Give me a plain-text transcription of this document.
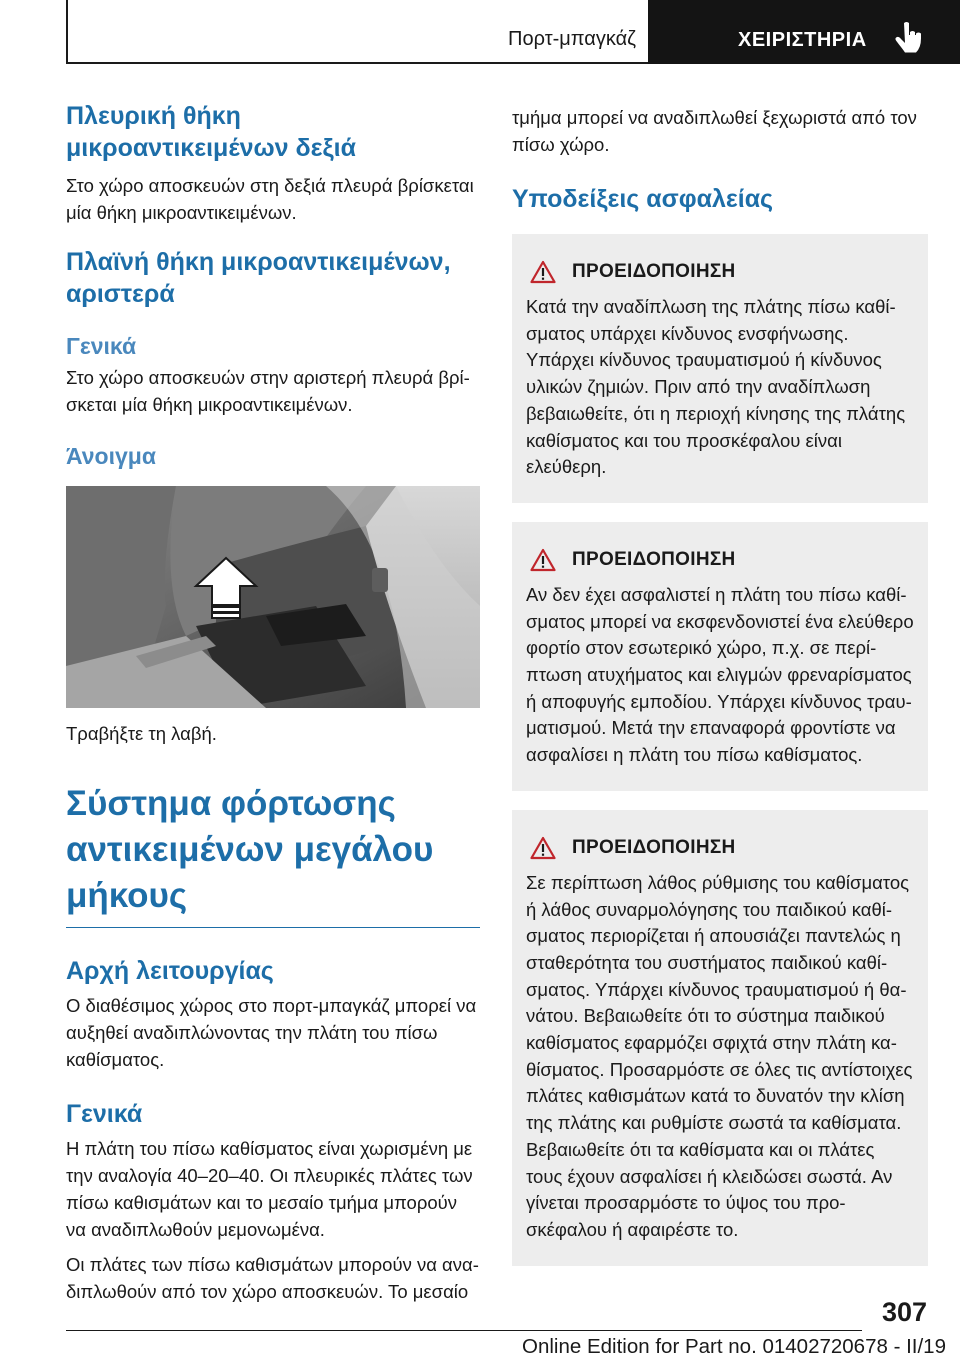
Πορτ-μπαγκάζ	ΧΕΙΡΙΣΤΗΡΙΑ
Πλευρική θήκη μικροαντικειμένων δεξιά

Στο χώρο αποσκευών στη δεξιά πλευρά βρίσκεται μία θήκη μικροαντικειμένων.

Πλαϊνή θήκη μικροαντικειμένων, αριστερά
Γενικά

Στο χώρο αποσκευών στην αριστερή πλευρά βρίσκεται μία θήκη μικροαντικειμένων.

Άνοιγμα

Τραβήξτε τη λαβή.

Σύστημα φόρτωσης αντικειμένων μεγάλου μήκους
Αρχή λειτουργίας

Ο διαθέσιμος χώρος στο πορτ-μπαγκάζ μπορεί να αυξηθεί αναδιπλώνοντας την πλάτη του πίσω καθίσματος.

Γενικά

Η πλάτη του πίσω καθίσματος είναι χωρισμένη με την αναλογία 40–20–40. Οι πλευρικές πλάτες των πίσω καθισμάτων και το μεσαίο τμήμα μπορούν να αναδιπλωθούν μεμονωμένα.

Οι πλάτες των πίσω καθισμάτων μπορούν να αναδιπλωθούν από τον χώρο αποσκευών. Το μεσαίο

τμήμα μπορεί να αναδιπλωθεί ξεχωριστά από τον πίσω χώρο.

Υποδείξεις ασφαλείας
ΠΡΟΕΙΔΟΠΟΙΗΣΗ

Κατά την αναδίπλωση της πλάτης πίσω καθίσματος υπάρχει κίνδυνος ενσφήνωσης. Υπάρχει κίνδυνος τραυματισμού ή κίνδυνος υλικών ζημιών. Πριν από την αναδίπλωση βεβαιωθείτε, ότι η περιοχή κίνησης της πλάτης καθίσματος και του προσκέφαλου είναι ελεύθερη.

ΠΡΟΕΙΔΟΠΟΙΗΣΗ

Αν δεν έχει ασφαλιστεί η πλάτη του πίσω καθίσματος μπορεί να εκσφενδονιστεί ένα ελεύθερο φορτίο στον εσωτερικό χώρο, π.χ. σε περίπτωση ατυχήματος και ελιγμών φρεναρίσματος ή αποφυγής εμποδίου. Υπάρχει κίνδυνος τραυματισμού. Μετά την επαναφορά φροντίστε να ασφαλίσει η πλάτη του πίσω καθίσματος.

ΠΡΟΕΙΔΟΠΟΙΗΣΗ

Σε περίπτωση λάθος ρύθμισης του καθίσματος ή λάθος συναρμολόγησης του παιδικού καθίσματος περιορίζεται ή απουσιάζει παντελώς η σταθερότητα του συστήματος παιδικού καθίσματος. Υπάρχει κίνδυνος τραυματισμού ή θανάτου. Βεβαιωθείτε ότι το σύστημα παιδικού καθίσματος εφαρμόζει σφιχτά στην πλάτη καθίσματος. Προσαρμόστε σε όλες τις αντίστοιχες πλάτες καθισμάτων κατά το δυνατόν την κλίση της πλάτης και ρυθμίστε σωστά τα καθίσματα. Βεβαιωθείτε ότι τα καθίσματα και οι πλάτες τους έχουν ασφαλίσει ή κλειδώσει σωστά. Αν γίνεται προσαρμόστε το ύψος του προσκέφαλου ή αφαιρέστε το.

307
Online Edition for Part no. 01402720678 - II/19
